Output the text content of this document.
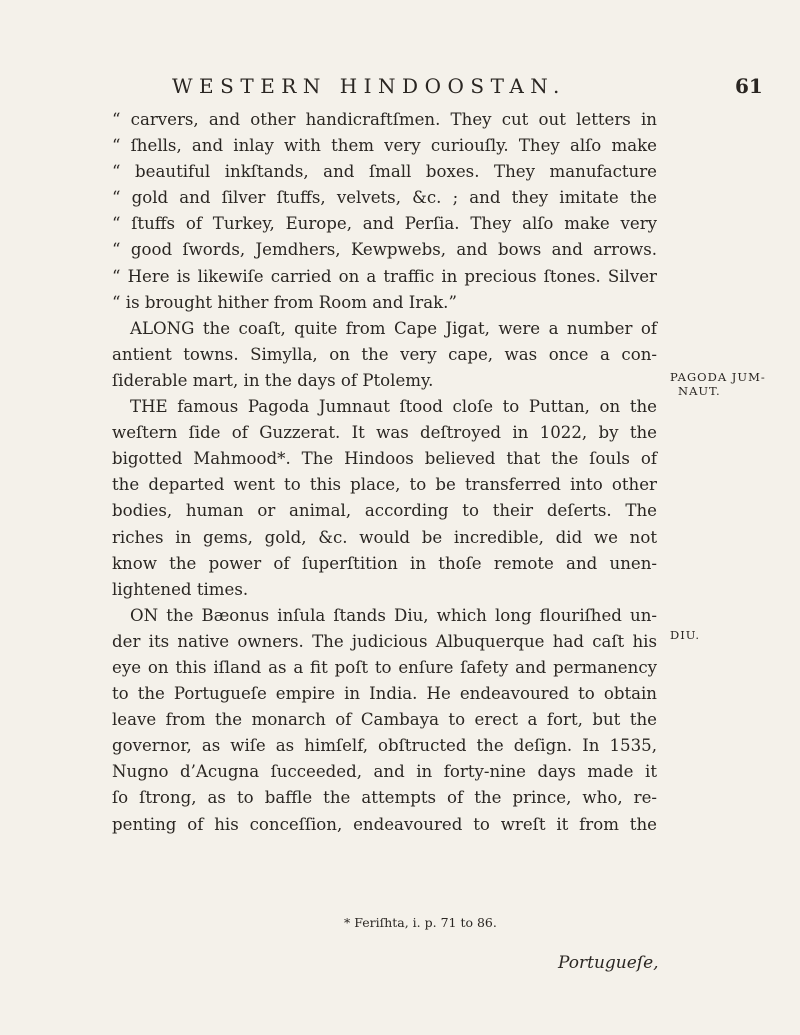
WESTERN HINDOOSTAN.	61
“ carvers, and other handicraftſmen. They cut out letters in
“ ſhells, and inlay with them very curiouſly. They alſo make
“ beautiful inkſtands, and ſmall boxes. They manufacture
“ gold and ſilver ſtuffs, velvets, &c. ; and they imitate the
“ ſtuffs of Turkey, Europe, and Perſia. They alſo make very
“ good ſwords, Jemdhers, Kewpwebs, and bows and arrows.
“ Here is likewiſe carried on a traffic in precious ſtones. Silver
“ is brought hither from Room and Irak.”
ALONG the coaſt, quite from Cape Jigat, were a number of
antient towns. Simylla, on the very cape, was once a con-
ſiderable mart, in the days of Ptolemy.
THE famous Pagoda Jumnaut ſtood cloſe to Puttan, on the
weſtern ſide of Guzzerat. It was deſtroyed in 1022, by the
bigotted Mahmood*. The Hindoos believed that the ſouls of
the departed went to this place, to be transferred into other
bodies, human or animal, according to their deſerts. The
riches in gems, gold, &c. would be incredible, did we not
know the power of ſuperſtition in thoſe remote and unen-
lightened times.
ON the Bæonus inſula ſtands Diu, which long flouriſhed un-
der its native owners. The judicious Albuquerque had caſt his
eye on this iſland as a fit poſt to enſure ſafety and permanency
to the Portugueſe empire in India. He endeavoured to obtain
leave from the monarch of Cambaya to erect a fort, but the
governor, as wiſe as himſelf, obſtructed the deſign. In 1535,
Nugno d’Acugna ſucceeded, and in forty-nine days made it
ſo ſtrong, as to baffle the attempts of the prince, who, re-
penting of his conceſſion, endeavoured to wreſt it from the
PAGODA JUM-
NAUT.
DIU.
* Feriſhta, i. p. 71 to 86.
Portugueſe,
